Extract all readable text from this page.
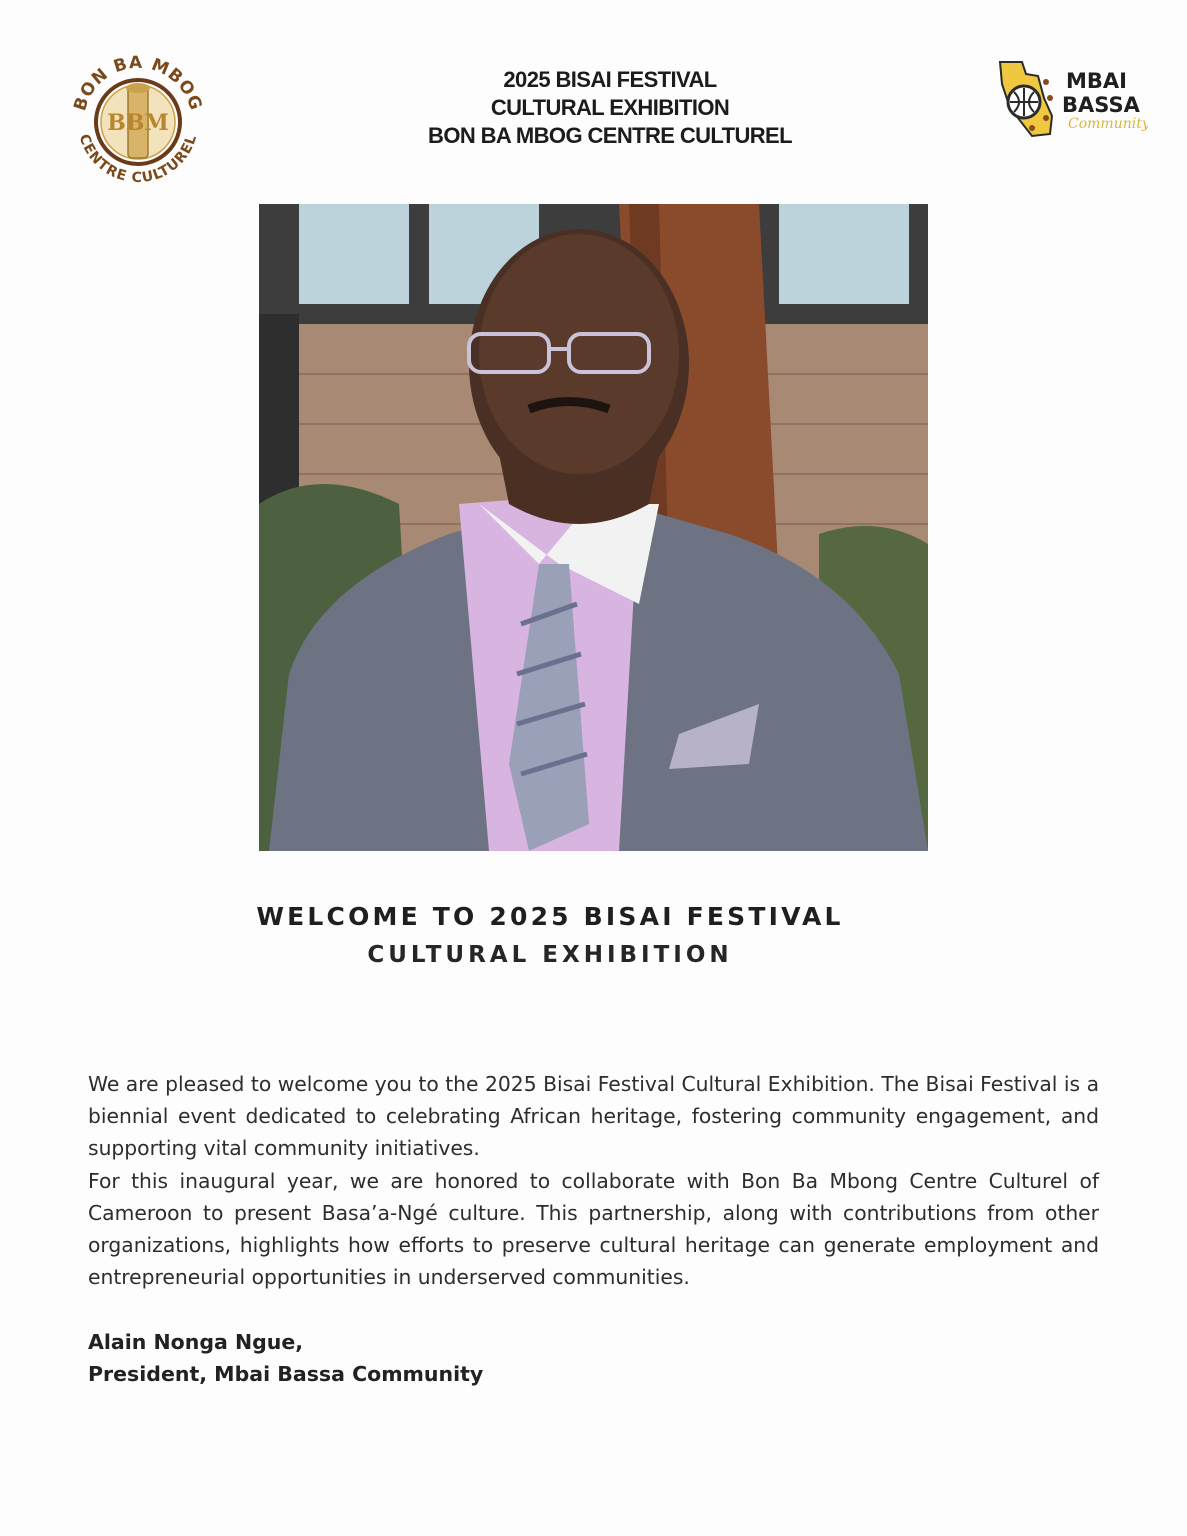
BBM
BON BA MBOG
CENTRE CULTUREL
2025 BISAI FESTIVAL
CULTURAL EXHIBITION
BON BA MBOG CENTRE CULTUREL
MBAI
BASSA
Community
WELCOME TO 2025 BISAI FESTIVAL
CULTURAL EXHIBITION

We are pleased to welcome you to the 2025 Bisai Festival Cultural Exhibition. The Bisai Festival is a biennial event dedicated to celebrating African heritage, fostering community engagement, and supporting vital community initiatives.

For this inaugural year, we are honored to collaborate with Bon Ba Mbong Centre Culturel of Cameroon to present Basa’a-Ngé culture. This partnership, along with contributions from other organizations, highlights how efforts to preserve cultural heritage can generate employment and entrepreneurial opportunities in underserved communities.

Alain Nonga Ngue,
President, Mbai Bassa Community
